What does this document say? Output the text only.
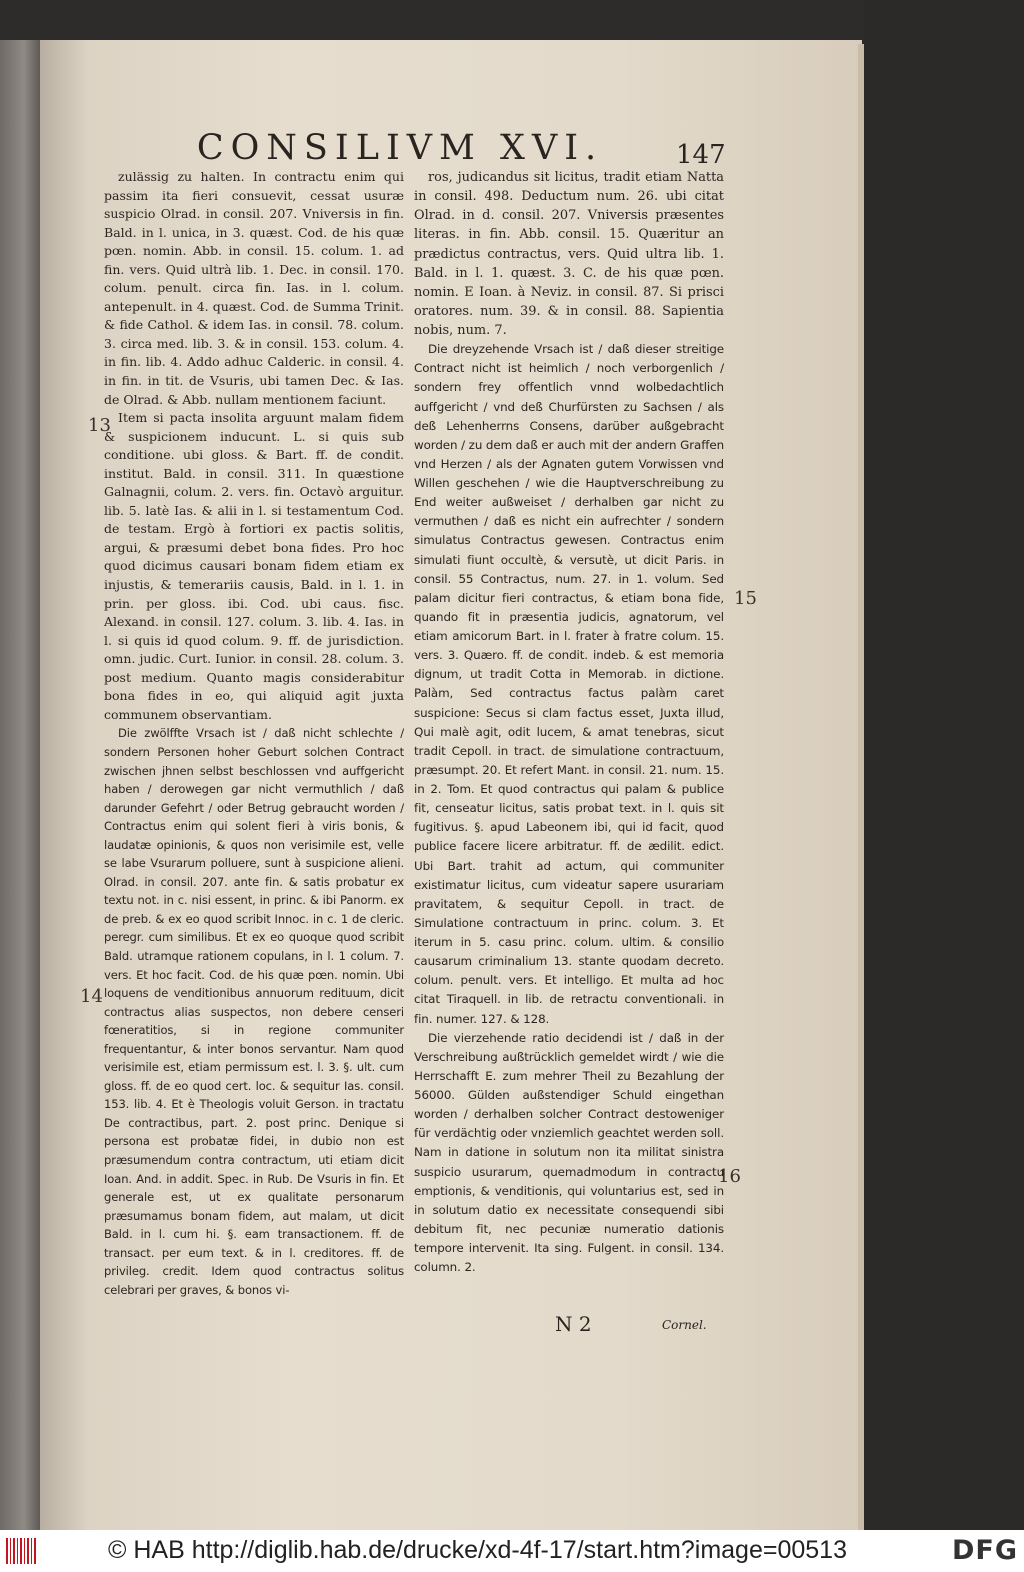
CONSILIVM XVI.	147
13
14
15
16

zulässig zu halten. In contractu enim qui passim ita fieri consuevit, cessat usuræ suspicio Olrad. in consil. 207. Vniversis in fin. Bald. in l. unica, in 3. quæst. Cod. de his quæ pœn. nomin. Abb. in consil. 15. colum. 1. ad fin. vers. Quid ultrà lib. 1. Dec. in consil. 170. colum. penult. circa fin. Ias. in l. colum. antepenult. in 4. quæst. Cod. de Summa Trinit. & fide Cathol. & idem Ias. in consil. 78. colum. 3. circa med. lib. 3. & in consil. 153. colum. 4. in fin. lib. 4. Addo adhuc Calderic. in consil. 4. in fin. in tit. de Vsuris, ubi tamen Dec. & Ias. de Olrad. & Abb. nullam mentionem faciunt.

Item si pacta insolita arguunt malam fidem & suspicionem inducunt. L. si quis sub conditione. ubi gloss. & Bart. ff. de condit. institut. Bald. in consil. 311. In quæstione Galnagnii, colum. 2. vers. fin. Octavò arguitur. lib. 5. latè Ias. & alii in l. si testamentum Cod. de testam. Ergò à fortiori ex pactis solitis, argui, & præsumi debet bona fides. Pro hoc quod dicimus causari bonam fidem etiam ex injustis, & temerariis causis, Bald. in l. 1. in prin. per gloss. ibi. Cod. ubi caus. fisc. Alexand. in consil. 127. colum. 3. lib. 4. Ias. in l. si quis id quod colum. 9. ff. de jurisdiction. omn. judic. Curt. Iunior. in consil. 28. colum. 3. post medium. Quanto magis considerabitur bona fides in eo, qui aliquid agit juxta communem observantiam.

Die zwölffte Vrsach ist / daß nicht schlechte / sondern Personen hoher Geburt solchen Contract zwischen jhnen selbst beschlossen vnd auffgericht haben / derowegen gar nicht vermuthlich / daß darunder Gefehrt / oder Betrug gebraucht worden / Contractus enim qui solent fieri à viris bonis, & laudatæ opinionis, & quos non verisimile est, velle se labe Vsurarum polluere, sunt à suspicione alieni. Olrad. in consil. 207. ante fin. & satis probatur ex textu not. in c. nisi essent, in princ. & ibi Panorm. ex de preb. & ex eo quod scribit Innoc. in c. 1 de cleric. peregr. cum similibus. Et ex eo quoque quod scribit Bald. utramque rationem copulans, in l. 1 colum. 7. vers. Et hoc facit. Cod. de his quæ pœn. nomin. Ubi loquens de venditionibus annuorum redituum, dicit contractus alias suspectos, non debere censeri fœneratitios, si in regione communiter frequentantur, & inter bonos servantur. Nam quod verisimile est, etiam permissum est. l. 3. §. ult. cum gloss. ff. de eo quod cert. loc. & sequitur Ias. consil. 153. lib. 4. Et è Theologis voluit Gerson. in tractatu De contractibus, part. 2. post princ. Denique si persona est probatæ fidei, in dubio non est præsumendum contra contractum, uti etiam dicit Ioan. And. in addit. Spec. in Rub. De Vsuris in fin. Et generale est, ut ex qualitate personarum præsumamus bonam fidem, aut malam, ut dicit Bald. in l. cum hi. §. eam transactionem. ff. de transact. per eum text. & in l. creditores. ff. de privileg. credit. Idem quod contractus solitus celebrari per graves, & bonos vi-

ros, judicandus sit licitus, tradit etiam Natta in consil. 498. Deductum num. 26. ubi citat Olrad. in d. consil. 207. Vniversis præsentes literas. in fin. Abb. consil. 15. Quæritur an prædictus contractus, vers. Quid ultra lib. 1. Bald. in l. 1. quæst. 3. C. de his quæ pœn. nomin. E Ioan. à Neviz. in consil. 87. Si prisci oratores. num. 39. & in consil. 88. Sapientia nobis, num. 7.

Die dreyzehende Vrsach ist / daß dieser streitige Contract nicht ist heimlich / noch verborgenlich / sondern frey offentlich vnnd wolbedachtlich auffgericht / vnd deß Churfürsten zu Sachsen / als deß Lehenherrns Consens, darüber außgebracht worden / zu dem daß er auch mit der andern Graffen vnd Herzen / als der Agnaten gutem Vorwissen vnd Willen geschehen / wie die Hauptverschreibung zu End weiter außweiset / derhalben gar nicht zu vermuthen / daß es nicht ein aufrechter / sondern simulatus Contractus gewesen. Contractus enim simulati fiunt occultè, & versutè, ut dicit Paris. in consil. 55 Contractus, num. 27. in 1. volum. Sed palam dicitur fieri contractus, & etiam bona fide, quando fit in præsentia judicis, agnatorum, vel etiam amicorum Bart. in l. frater à fratre colum. 15. vers. 3. Quæro. ff. de condit. indeb. & est memoria dignum, ut tradit Cotta in Memorab. in dictione. Palàm, Sed contractus factus palàm caret suspicione: Secus si clam factus esset, Juxta illud, Qui malè agit, odit lucem, & amat tenebras, sicut tradit Cepoll. in tract. de simulatione contractuum, præsumpt. 20. Et refert Mant. in consil. 21. num. 15. in 2. Tom. Et quod contractus qui palam & publice fit, censeatur licitus, satis probat text. in l. quis sit fugitivus. §. apud Labeonem ibi, qui id facit, quod publice facere licere arbitratur. ff. de ædilit. edict. Ubi Bart. trahit ad actum, qui communiter existimatur licitus, cum videatur sapere usurariam pravitatem, & sequitur Cepoll. in tract. de Simulatione contractuum in princ. colum. 3. Et iterum in 5. casu princ. colum. ultim. & consilio causarum criminalium 13. stante quodam decreto. colum. penult. vers. Et intelligo. Et multa ad hoc citat Tiraquell. in lib. de retractu conventionali. in fin. numer. 127. & 128.

Die vierzehende ratio decidendi ist / daß in der Verschreibung außtrücklich gemeldet wirdt / wie die Herrschafft E. zum mehrer Theil zu Bezahlung der 56000. Gülden außstendiger Schuld eingethan worden / derhalben solcher Contract destoweniger für verdächtig oder vnziemlich geachtet werden soll. Nam in datione in solutum non ita militat sinistra suspicio usurarum, quemadmodum in contractu emptionis, & venditionis, qui voluntarius est, sed in in solutum datio ex necessitate consequendi sibi debitum fit, nec pecuniæ numeratio dationis tempore intervenit. Ita sing. Fulgent. in consil. 134. column. 2.

N 2	Cornel.
© HAB http://diglib.hab.de/drucke/xd-4f-17/start.htm?image=00513	DFG
